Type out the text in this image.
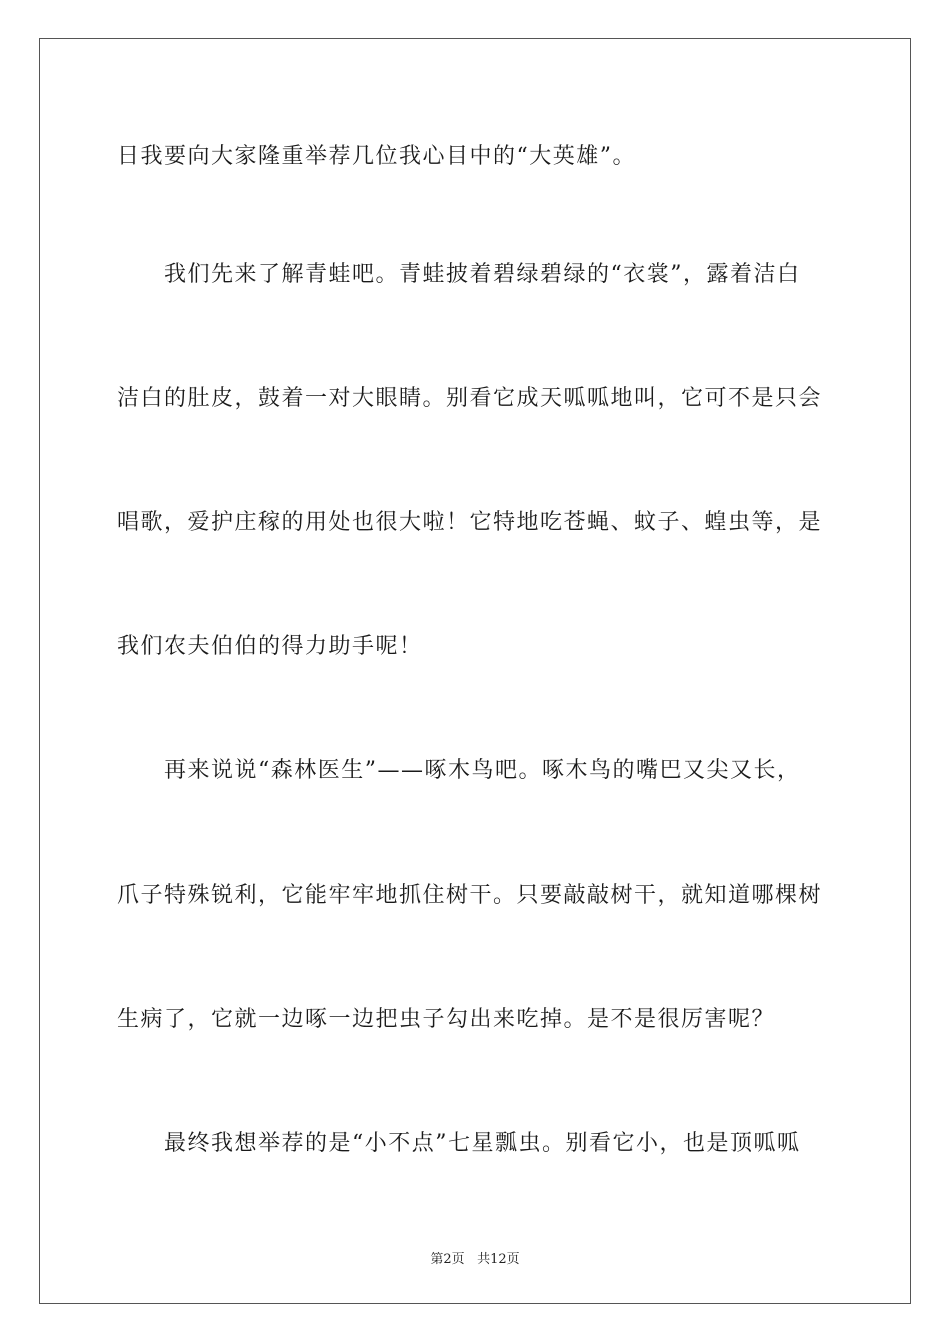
日我要向大家隆重举荐几位我心目中的“大英雄”。
我们先来了解青蛙吧。青蛙披着碧绿碧绿的“衣裳”，露着洁白
洁白的肚皮，鼓着一对大眼睛。别看它成天呱呱地叫，它可不是只会
唱歌，爱护庄稼的用处也很大啦！它特地吃苍蝇、蚊子、蝗虫等，是
我们农夫伯伯的得力助手呢！
再来说说“森林医生”——啄木鸟吧。啄木鸟的嘴巴又尖又长，
爪子特殊锐利，它能牢牢地抓住树干。只要敲敲树干，就知道哪棵树
生病了，它就一边啄一边把虫子勾出来吃掉。是不是很厉害呢？
最终我想举荐的是“小不点”七星瓢虫。别看它小，也是顶呱呱
第2页 共12页
